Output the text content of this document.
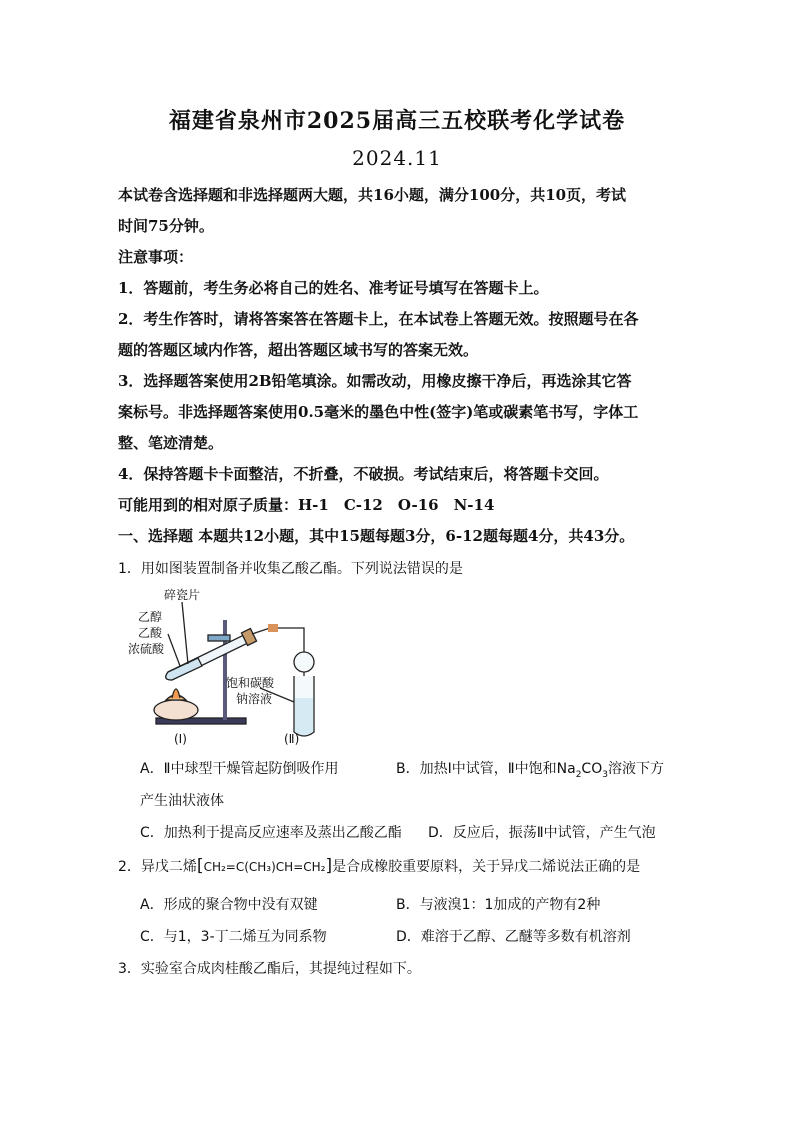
福建省泉州市2025届高三五校联考化学试卷
2024.11
本试卷含选择题和非选择题两大题，共16小题，满分100分，共10页，考试
时间75分钟。
注意事项：
1．答题前，考生务必将自己的姓名、准考证号填写在答题卡上。
2．考生作答时，请将答案答在答题卡上，在本试卷上答题无效。按照题号在各
题的答题区域内作答，超出答题区域书写的答案无效。
3．选择题答案使用2B铅笔填涂。如需改动，用橡皮擦干净后，再选涂其它答
案标号。非选择题答案使用0.5毫米的墨色中性(签字)笔或碳素笔书写，字体工
整、笔迹清楚。
4．保持答题卡卡面整洁，不折叠，不破损。考试结束后，将答题卡交回。
可能用到的相对原子质量：H-1　C-12　O-16　N-14
一、选择题 本题共12小题，其中15题每题3分，6-12题每题4分，共43分。
1．用如图装置制备并收集乙酸乙酯。下列说法错误的是
碎瓷片
乙醇
乙酸
浓硫酸
饱和碳酸
钠溶液
(Ⅰ)	(Ⅱ)
A．Ⅱ中球型干燥管起防倒吸作用	B．加热Ⅰ中试管，Ⅱ中饱和$Na_2CO_3$溶液下方
产生油状液体
C．加热利于提高反应速率及蒸出乙酸乙酯 D．反应后，振荡Ⅱ中试管，产生气泡
2．异戊二烯[CH₂=C(CH₃)CH=CH₂]是合成橡胶重要原料，关于异戊二烯说法正确的是
A．形成的聚合物中没有双键	B．与液溴1：1加成的产物有2种
C．与1，3-丁二烯互为同系物	D．难溶于乙醇、乙醚等多数有机溶剂
3．实验室合成肉桂酸乙酯后，其提纯过程如下。
